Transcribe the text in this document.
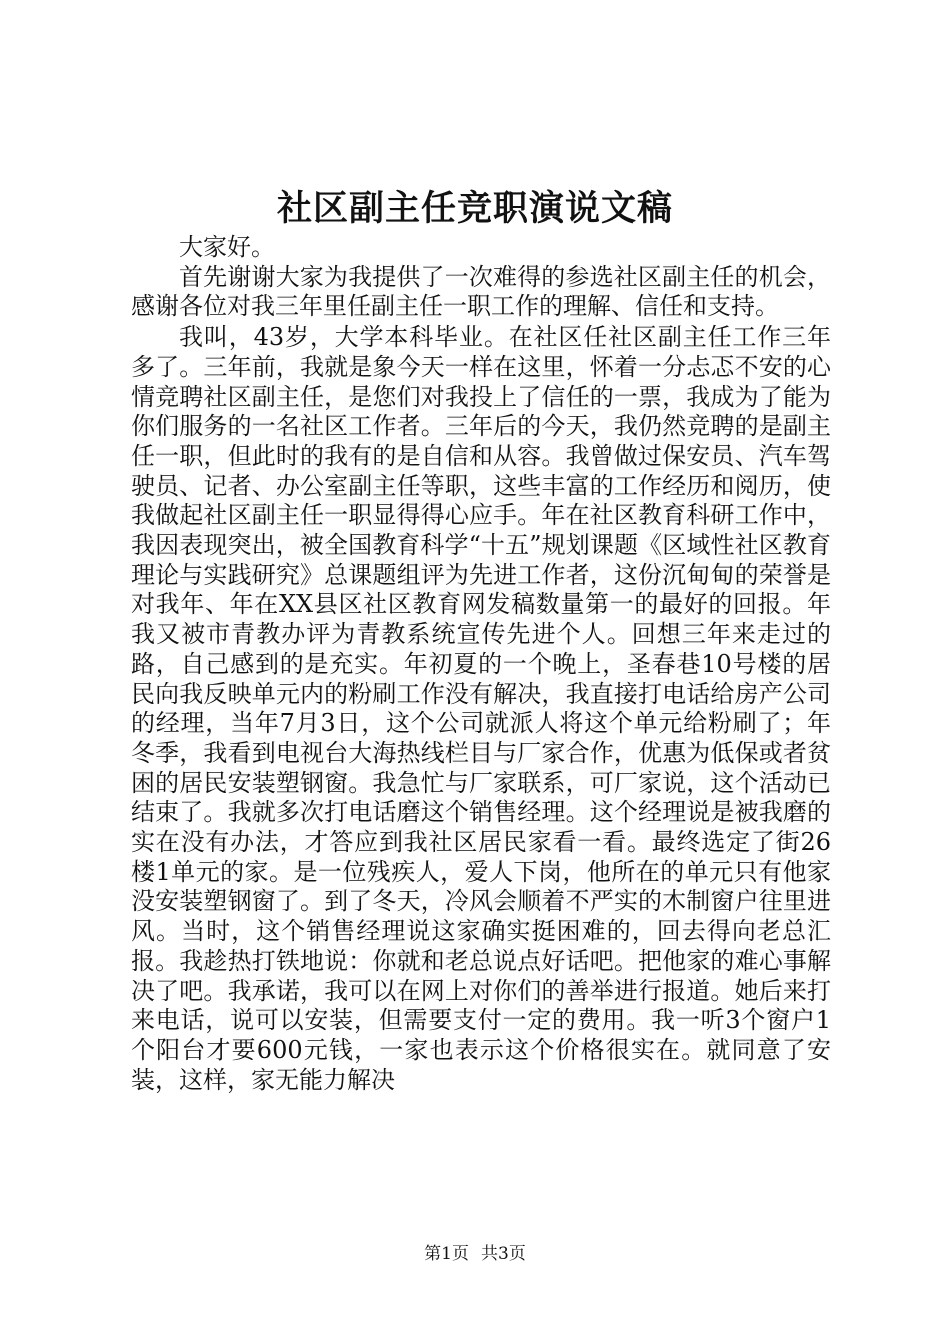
社区副主任竞职演说文稿

大家好。

首先谢谢大家为我提供了一次难得的参选社区副主任的机会，感谢各位对我三年里任副主任一职工作的理解、信任和支持。

我叫，43岁，大学本科毕业。在社区任社区副主任工作三年多了。三年前，我就是象今天一样在这里，怀着一分忐忑不安的心情竞聘社区副主任，是您们对我投上了信任的一票，我成为了能为你们服务的一名社区工作者。三年后的今天，我仍然竞聘的是副主任一职，但此时的我有的是自信和从容。我曾做过保安员、汽车驾驶员、记者、办公室副主任等职，这些丰富的工作经历和阅历，使我做起社区副主任一职显得得心应手。年在社区教育科研工作中，我因表现突出，被全国教育科学“十五”规划课题《区域性社区教育理论与实践研究》总课题组评为先进工作者，这份沉甸甸的荣誉是对我年、年在XX县区社区教育网发稿数量第一的最好的回报。年我又被市青教办评为青教系统宣传先进个人。回想三年来走过的路，自己感到的是充实。年初夏的一个晚上，圣春巷10号楼的居民向我反映单元内的粉刷工作没有解决，我直接打电话给房产公司的经理，当年7月3日，这个公司就派人将这个单元给粉刷了；年冬季，我看到电视台大海热线栏目与厂家合作，优惠为低保或者贫困的居民安装塑钢窗。我急忙与厂家联系，可厂家说，这个活动已结束了。我就多次打电话磨这个销售经理。这个经理说是被我磨的实在没有办法，才答应到我社区居民家看一看。最终选定了街26楼1单元的家。是一位残疾人，爱人下岗，他所在的单元只有他家没安装塑钢窗了。到了冬天，冷风会顺着不严实的木制窗户往里进风。当时，这个销售经理说这家确实挺困难的，回去得向老总汇报。我趁热打铁地说：你就和老总说点好话吧。把他家的难心事解决了吧。我承诺，我可以在网上对你们的善举进行报道。她后来打来电话，说可以安装，但需要支付一定的费用。我一听3个窗户1个阳台才要600元钱，一家也表示这个价格很实在。就同意了安装，这样，家无能力解决

第1页 共3页
